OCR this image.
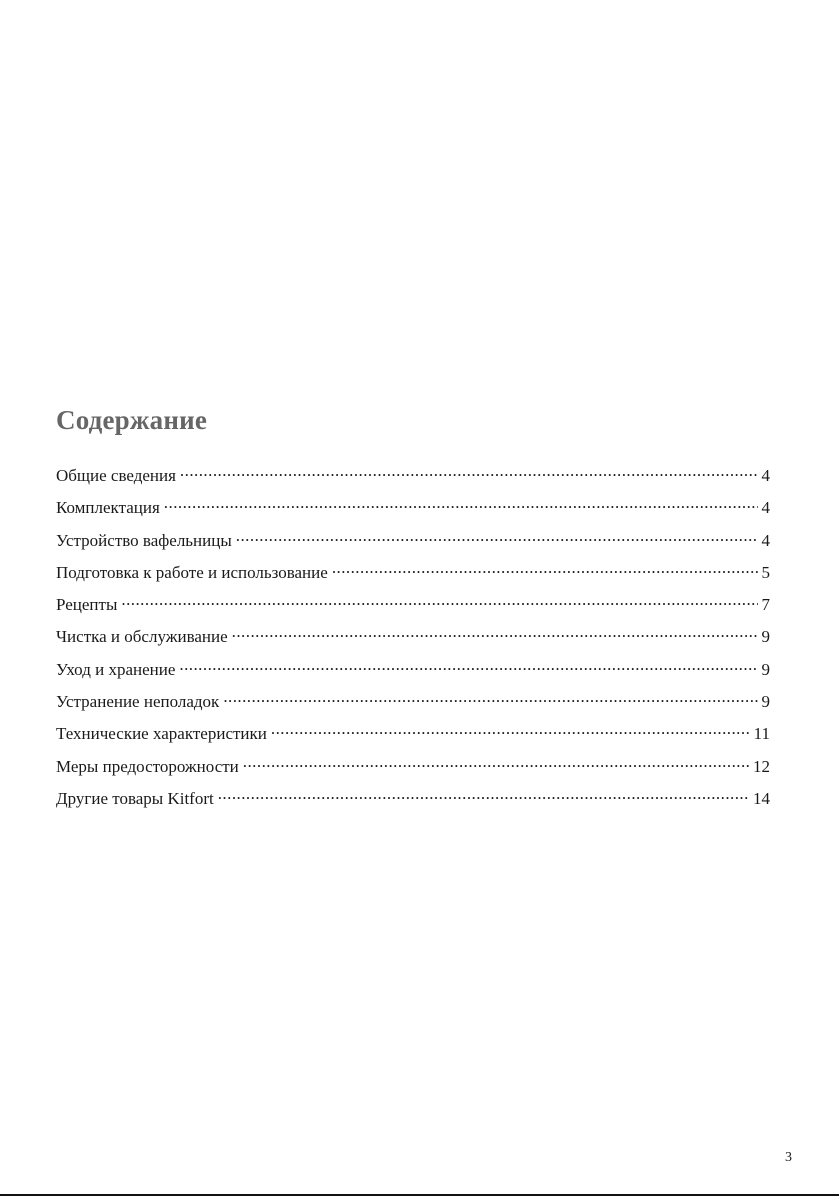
Содержание
Общие сведения .....	4
Комплектация .....	4
Устройство вафельницы .....	4
Подготовка к работе и использование .....	5
Рецепты .....	7
Чистка и обслуживание .....	9
Уход и хранение .....	9
Устранение неполадок .....	9
Технические характеристики .....	11
Меры предосторожности .....	12
Другие товары Kitfort .....	14
3
